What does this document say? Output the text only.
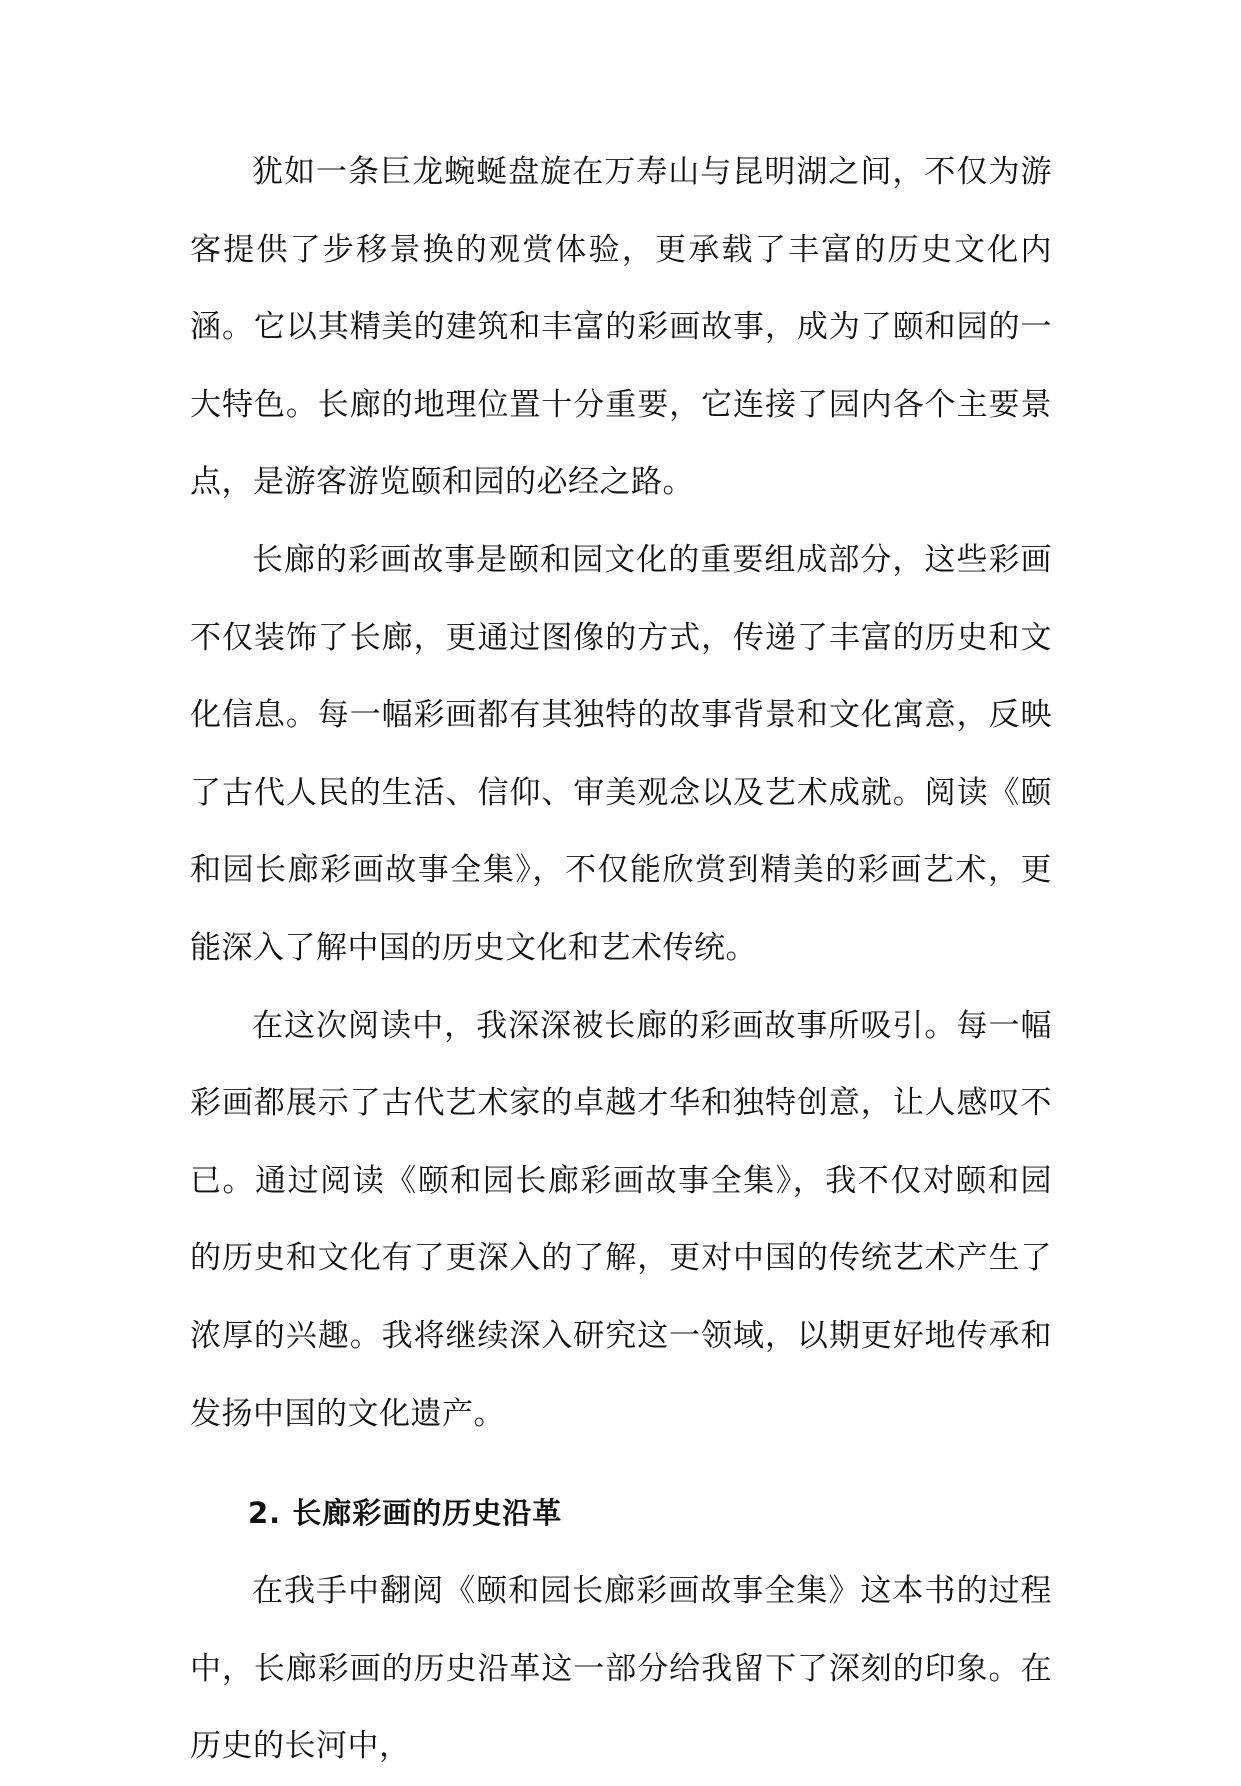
犹如一条巨龙蜿蜒盘旋在万寿山与昆明湖之间，不仅为游客提供了步移景换的观赏体验，更承载了丰富的历史文化内涵。它以其精美的建筑和丰富的彩画故事，成为了颐和园的一大特色。长廊的地理位置十分重要，它连接了园内各个主要景点，是游客游览颐和园的必经之路。

长廊的彩画故事是颐和园文化的重要组成部分，这些彩画不仅装饰了长廊，更通过图像的方式，传递了丰富的历史和文化信息。每一幅彩画都有其独特的故事背景和文化寓意，反映了古代人民的生活、信仰、审美观念以及艺术成就。阅读《颐和园长廊彩画故事全集》，不仅能欣赏到精美的彩画艺术，更能深入了解中国的历史文化和艺术传统。

在这次阅读中，我深深被长廊的彩画故事所吸引。每一幅彩画都展示了古代艺术家的卓越才华和独特创意，让人感叹不已。通过阅读《颐和园长廊彩画故事全集》，我不仅对颐和园的历史和文化有了更深入的了解，更对中国的传统艺术产生了浓厚的兴趣。我将继续深入研究这一领域，以期更好地传承和发扬中国的文化遗产。

2. 长廊彩画的历史沿革

在我手中翻阅《颐和园长廊彩画故事全集》这本书的过程中，长廊彩画的历史沿革这一部分给我留下了深刻的印象。在历史的长河中，
